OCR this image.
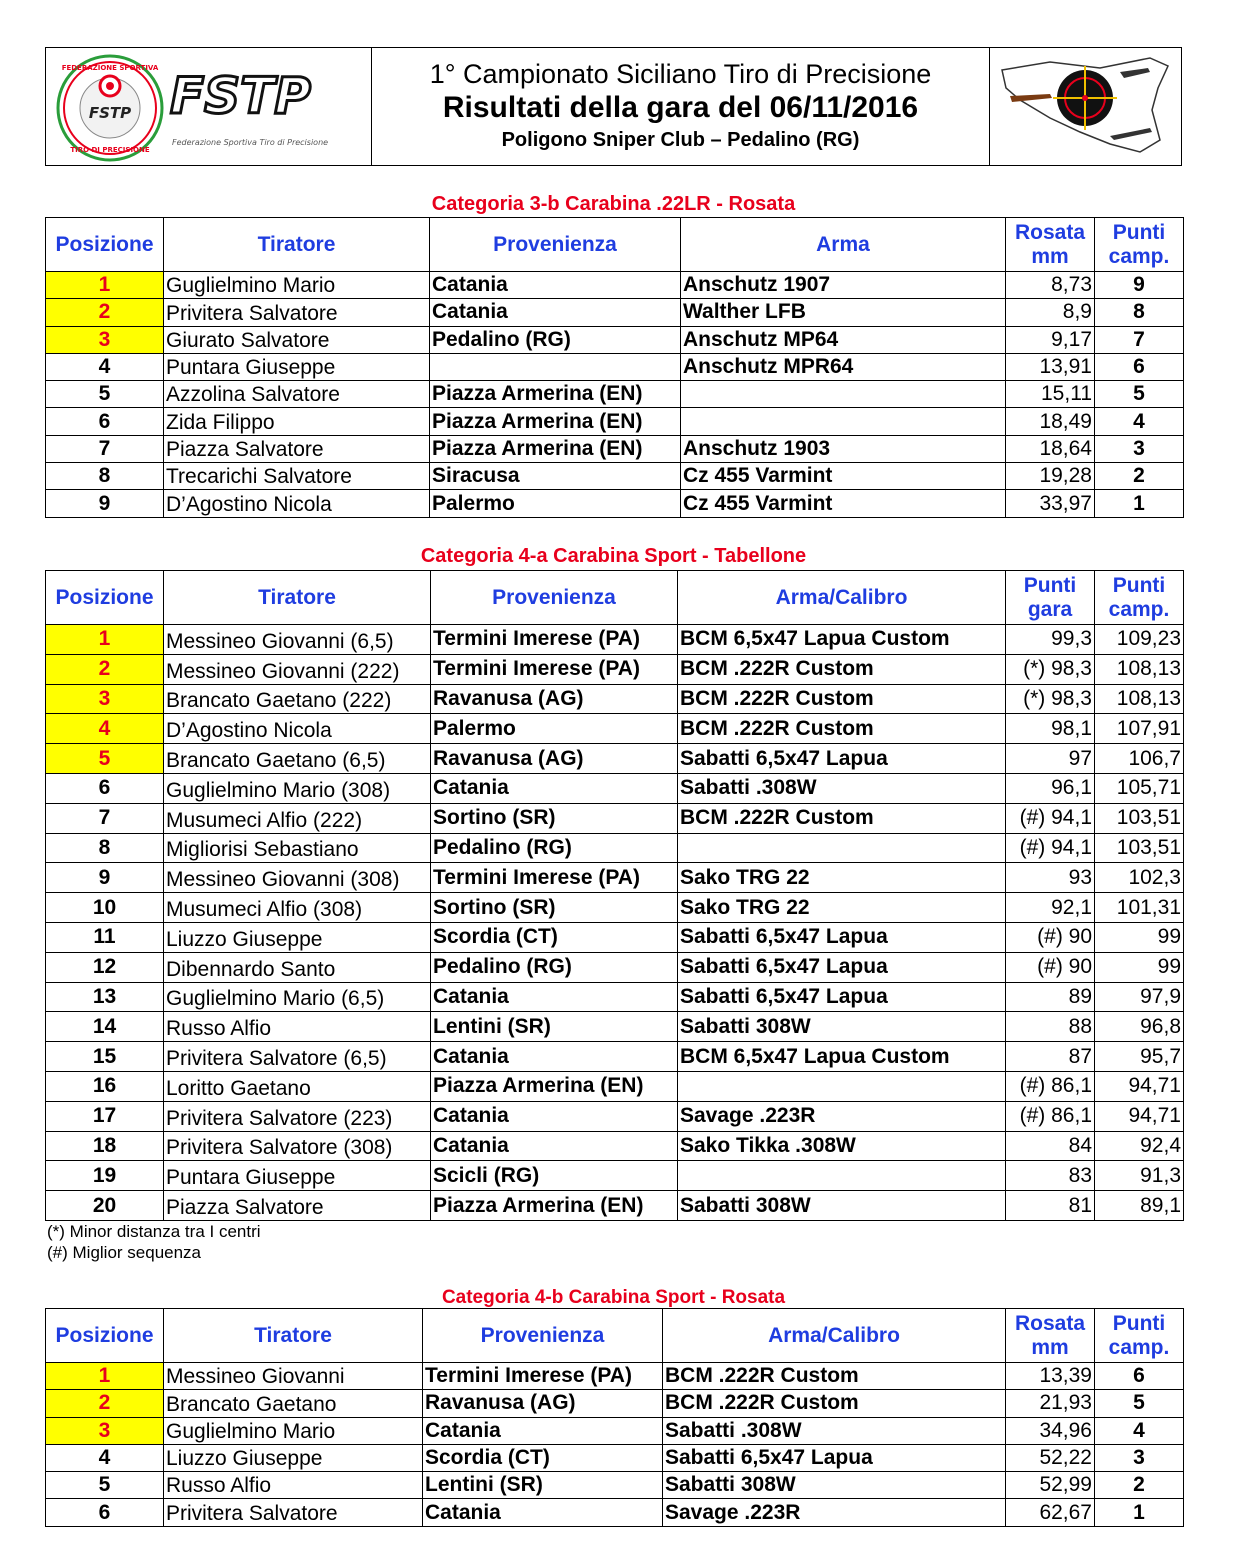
FSTP
FEDERAZIONE SPORTIVA
TIRO DI PRECISIONE
FSTP
Federazione Sportiva Tiro di Precisione
1° Campionato Siciliano Tiro di Precisione
Risultati della gara del 06/11/2016
Poligono Sniper Club – Pedalino (RG)
Categoria 3-b Carabina .22LR - Rosata
Posizione	Tiratore	Provenienza	Arma	Rosata mm	Punti camp.
1	Guglielmino Mario	Catania	Anschutz 1907	8,73	9
2	Privitera Salvatore	Catania	Walther LFB	8,9	8
3	Giurato Salvatore	Pedalino (RG)	Anschutz MP64	9,17	7
4	Puntara Giuseppe		Anschutz MPR64	13,91	6
5	Azzolina Salvatore	Piazza Armerina (EN)		15,11	5
6	Zida Filippo	Piazza Armerina (EN)		18,49	4
7	Piazza Salvatore	Piazza Armerina (EN)	Anschutz 1903	18,64	3
8	Trecarichi Salvatore	Siracusa	Cz 455 Varmint	19,28	2
9	D’Agostino Nicola	Palermo	Cz 455 Varmint	33,97	1
Categoria 4-a Carabina Sport - Tabellone
Posizione	Tiratore	Provenienza	Arma/Calibro	Punti gara	Punti camp.
1	Messineo Giovanni (6,5)	Termini Imerese (PA)	BCM 6,5x47 Lapua Custom	99,3	109,23
2	Messineo Giovanni (222)	Termini Imerese (PA)	BCM .222R Custom	(*) 98,3	108,13
3	Brancato Gaetano (222)	Ravanusa (AG)	BCM .222R Custom	(*) 98,3	108,13
4	D’Agostino Nicola	Palermo	BCM .222R Custom	98,1	107,91
5	Brancato Gaetano (6,5)	Ravanusa (AG)	Sabatti 6,5x47 Lapua	97	106,7
6	Guglielmino Mario (308)	Catania	Sabatti .308W	96,1	105,71
7	Musumeci Alfio (222)	Sortino (SR)	BCM .222R Custom	(#) 94,1	103,51
8	Migliorisi Sebastiano	Pedalino (RG)		(#) 94,1	103,51
9	Messineo Giovanni (308)	Termini Imerese (PA)	Sako TRG 22	93	102,3
10	Musumeci Alfio (308)	Sortino (SR)	Sako TRG 22	92,1	101,31
11	Liuzzo Giuseppe	Scordia (CT)	Sabatti 6,5x47 Lapua	(#) 90	99
12	Dibennardo Santo	Pedalino (RG)	Sabatti 6,5x47 Lapua	(#) 90	99
13	Guglielmino Mario (6,5)	Catania	Sabatti 6,5x47 Lapua	89	97,9
14	Russo Alfio	Lentini (SR)	Sabatti 308W	88	96,8
15	Privitera Salvatore (6,5)	Catania	BCM 6,5x47 Lapua Custom	87	95,7
16	Loritto Gaetano	Piazza Armerina (EN)		(#) 86,1	94,71
17	Privitera Salvatore (223)	Catania	Savage .223R	(#) 86,1	94,71
18	Privitera Salvatore (308)	Catania	Sako Tikka .308W	84	92,4
19	Puntara Giuseppe	Scicli (RG)		83	91,3
20	Piazza Salvatore	Piazza Armerina (EN)	Sabatti 308W	81	89,1
(*) Minor distanza tra I centri
(#) Miglior sequenza
Categoria 4-b Carabina Sport - Rosata
Posizione	Tiratore	Provenienza	Arma/Calibro	Rosata mm	Punti camp.
1	Messineo Giovanni	Termini Imerese (PA)	BCM .222R Custom	13,39	6
2	Brancato Gaetano	Ravanusa (AG)	BCM .222R Custom	21,93	5
3	Guglielmino Mario	Catania	Sabatti .308W	34,96	4
4	Liuzzo Giuseppe	Scordia (CT)	Sabatti 6,5x47 Lapua	52,22	3
5	Russo Alfio	Lentini (SR)	Sabatti 308W	52,99	2
6	Privitera Salvatore	Catania	Savage .223R	62,67	1
